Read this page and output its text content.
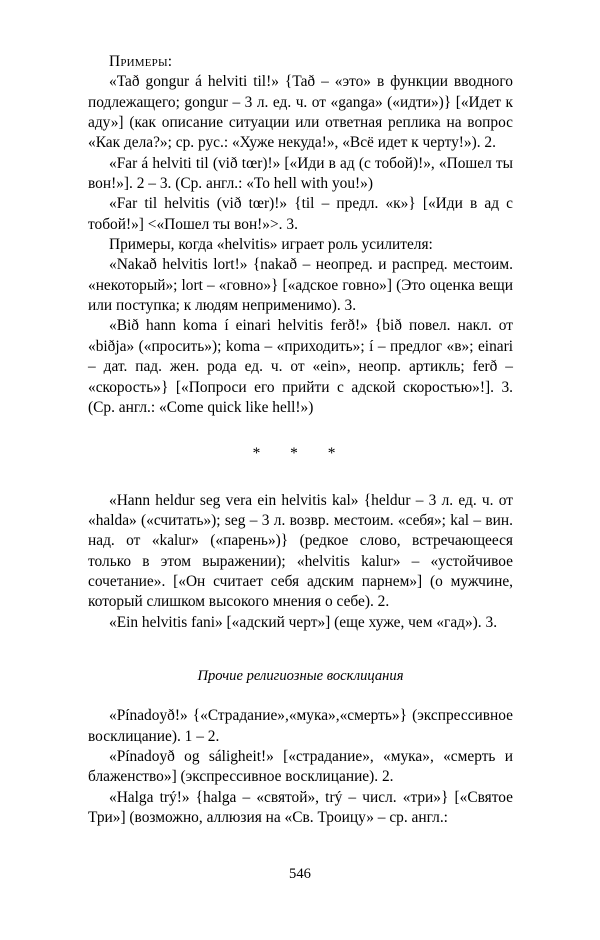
Примеры:

«Tað gongur á helviti til!» {Tað – «это» в функции вводного подлежащего; gongur – 3 л. ед. ч. от «ganga» («идти»)} [«Идет к аду»] (как описание ситуации или ответная реплика на вопрос «Как дела?»; ср. рус.: «Хуже некуда!», «Всё идет к черту!»). 2.

«Far á helviti til (við tœr)!» [«Иди в ад (с тобой)!», «Пошел ты вон!»]. 2 – 3. (Ср. англ.: «To hell with you!»)

«Far til helvitis (við tœr)!» {til – предл. «к»} [«Иди в ад с тобой!»] <«Пошел ты вон!»>. 3.

Примеры, когда «helvitis» играет роль усилителя:

«Nakað helvitis lort!» {nakað – неопред. и распред. местоим. «некоторый»; lort – «говно»} [«адское говно»] (Это оценка вещи или поступка; к людям неприменимо). 3.

«Bið hann koma í einari helvitis ferð!» {bið повел. накл. от «biðja» («просить»); koma – «приходить»; í – предлог «в»; einari – дат. пад. жен. рода ед. ч. от «ein», неопр. артикль; ferð – «скорость»} [«Попроси его прийти с адской скоростью»!]. 3. (Ср. англ.: «Come quick like hell!»)

* * *

«Hann heldur seg vera ein helvitis kal» {heldur – 3 л. ед. ч. от «halda» («считать»); seg – 3 л. возвр. местоим. «себя»; kal – вин. над. от «kalur» («парень»)} (редкое слово, встречающееся только в этом выражении); «helvitis kalur» – «устойчивое сочетание». [«Он считает себя адским парнем»] (о мужчине, который слишком высокого мнения о себе). 2.

«Ein helvitis fani» [«адский черт»] (еще хуже, чем «гад»). 3.

Прочие религиозные восклицания

«Pínadoyð!» {«Страдание»,«мука»,«смерть»} (экспрессивное восклицание). 1 – 2.

«Pínadoyð og sáligheit!» [«страдание», «мука», «смерть и блаженство»] (экспрессивное восклицание). 2.

«Halga trý!» {halga – «святой», trý – числ. «три»} [«Святое Три»] (возможно, аллюзия на «Св. Троицу» – ср. англ.:

546
